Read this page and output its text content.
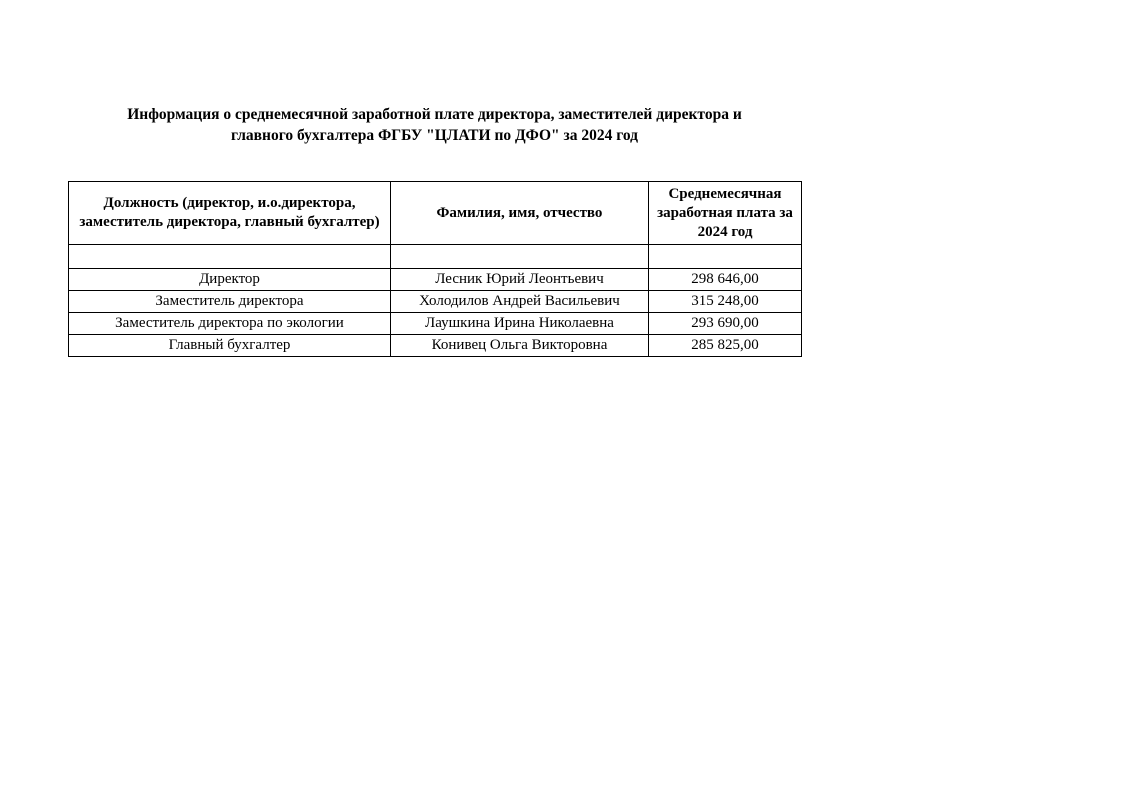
Информация о среднемесячной заработной плате директора, заместителей директора и
главного бухгалтера ФГБУ "ЦЛАТИ по ДФО" за 2024 год
Должность (директор, и.о.директора, заместитель директора, главный бухгалтер)	Фамилия, имя, отчество	Среднемесячная заработная плата за 2024 год

Директор	Лесник Юрий Леонтьевич	298 646,00
Заместитель директора	Холодилов Андрей Васильевич	315 248,00
Заместитель директора по экологии	Лаушкина Ирина Николаевна	293 690,00
Главный бухгалтер	Конивец Ольга Викторовна	285 825,00
